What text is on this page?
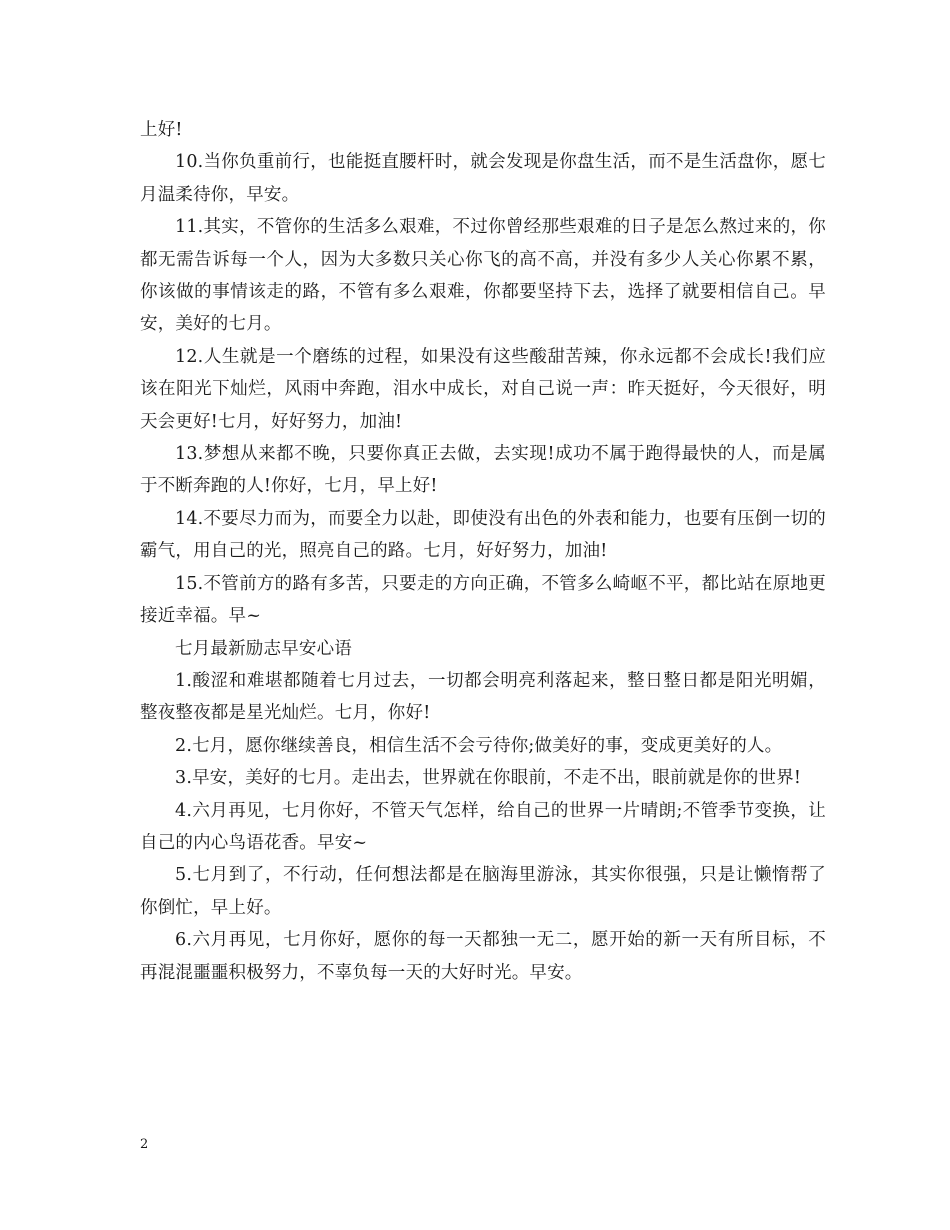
上好!

10.当你负重前行，也能挺直腰杆时，就会发现是你盘生活，而不是生活盘你，愿七月温柔待你，早安。

11.其实，不管你的生活多么艰难，不过你曾经那些艰难的日子是怎么熬过来的，你都无需告诉每一个人，因为大多数只关心你飞的高不高，并没有多少人关心你累不累，你该做的事情该走的路，不管有多么艰难，你都要坚持下去，选择了就要相信自己。早安，美好的七月。

12.人生就是一个磨练的过程，如果没有这些酸甜苦辣，你永远都不会成长!我们应该在阳光下灿烂，风雨中奔跑，泪水中成长，对自己说一声：昨天挺好，今天很好，明天会更好!七月，好好努力，加油!

13.梦想从来都不晚，只要你真正去做，去实现!成功不属于跑得最快的人，而是属于不断奔跑的人!你好，七月，早上好!

14.不要尽力而为，而要全力以赴，即使没有出色的外表和能力，也要有压倒一切的霸气，用自己的光，照亮自己的路。七月，好好努力，加油!

15.不管前方的路有多苦，只要走的方向正确，不管多么崎岖不平，都比站在原地更接近幸福。早~

七月最新励志早安心语

1.酸涩和难堪都随着七月过去，一切都会明亮利落起来，整日整日都是阳光明媚，整夜整夜都是星光灿烂。七月，你好!

2.七月，愿你继续善良，相信生活不会亏待你;做美好的事，变成更美好的人。

3.早安，美好的七月。走出去，世界就在你眼前，不走不出，眼前就是你的世界!

4.六月再见，七月你好，不管天气怎样，给自己的世界一片晴朗;不管季节变换，让自己的内心鸟语花香。早安~

5.七月到了，不行动，任何想法都是在脑海里游泳，其实你很强，只是让懒惰帮了你倒忙，早上好。

6.六月再见，七月你好，愿你的每一天都独一无二，愿开始的新一天有所目标，不再混混噩噩积极努力，不辜负每一天的大好时光。早安。

2
